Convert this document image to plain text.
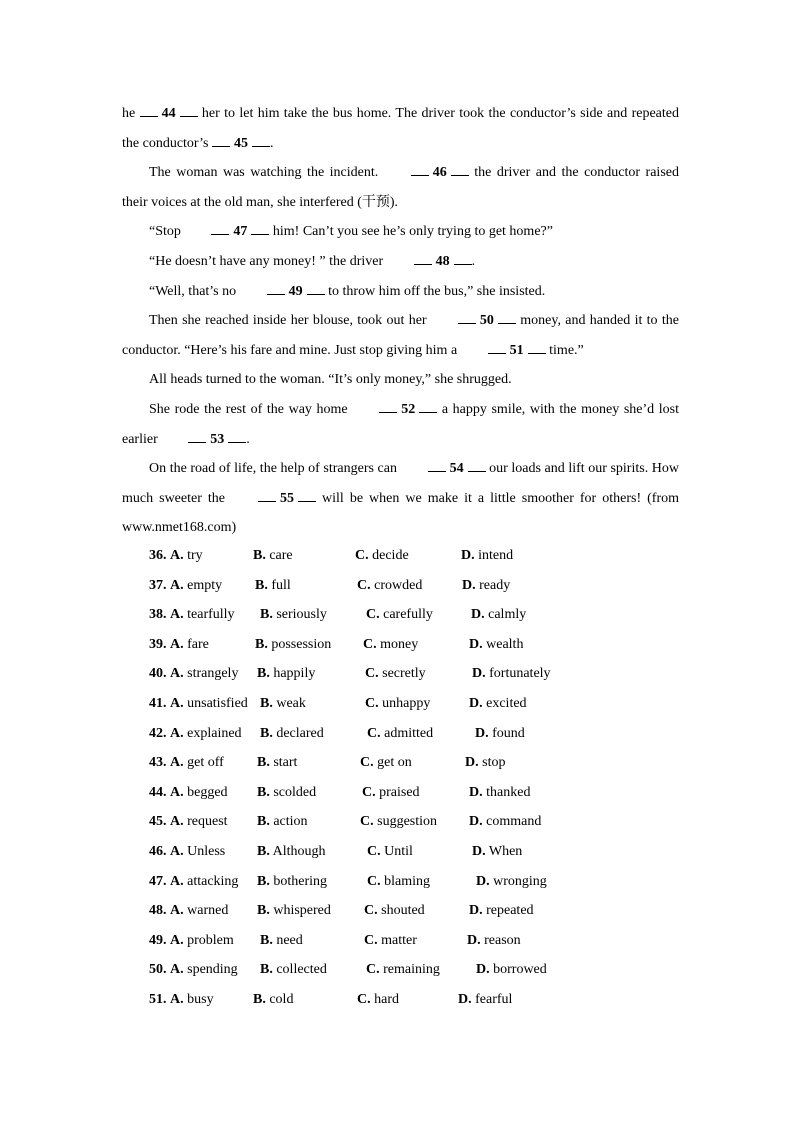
he 44 her to let him take the bus home. The driver took the conductor’s side and repeated the conductor’s 45 .

The woman was watching the incident.	46 the driver and the conductor raised their voices at the old man, she interfered (干预).

“Stop	47 him! Can’t you see he’s only trying to get home?”

“He doesn’t have any money! ” the driver	48 .

“Well, that’s no	49 to throw him off the bus,” she insisted.

Then she reached inside her blouse, took out her	50 money, and handed it to the conductor. “Here’s his fare and mine. Just stop giving him a	51 time.”

All heads turned to the woman. “It’s only money,” she shrugged.

She rode the rest of the way home	52 a happy smile, with the money she’d lost earlier	53 .

On the road of life, the help of strangers can	54 our loads and lift our spirits. How much sweeter the	55 will be when we make it a little smoother for others! (from www.nmet168.com)

36. A. try	B. care	C. decide	D. intend
37. A. empty B. full	C. crowded	D. ready
38. A. tearfully B. seriously	C. carefully	D. calmly
39. A. fare	B. possession C. money	D. wealth
40. A. strangely B. happily	C. secretly	D. fortunately
41. A. unsatisfied B. weak	C. unhappy	D. excited
42. A. explained B. declared	C. admitted	D. found
43. A. get off B. start	C. get on	D. stop
44. A. begged B. scolded	C. praised	D. thanked
45. A. request B. action	C. suggestion D. command
46. A. Unless B. Although	C. Until	D. When
47. A. attacking B. bothering	C. blaming	D. wronging
48. A. warned B. whispered C. shouted	D. repeated
49. A. problem B. need	C. matter	D. reason
50. A. spending B. collected	C. remaining	D. borrowed
51. A. busy	B. cold	C. hard	D. fearful
